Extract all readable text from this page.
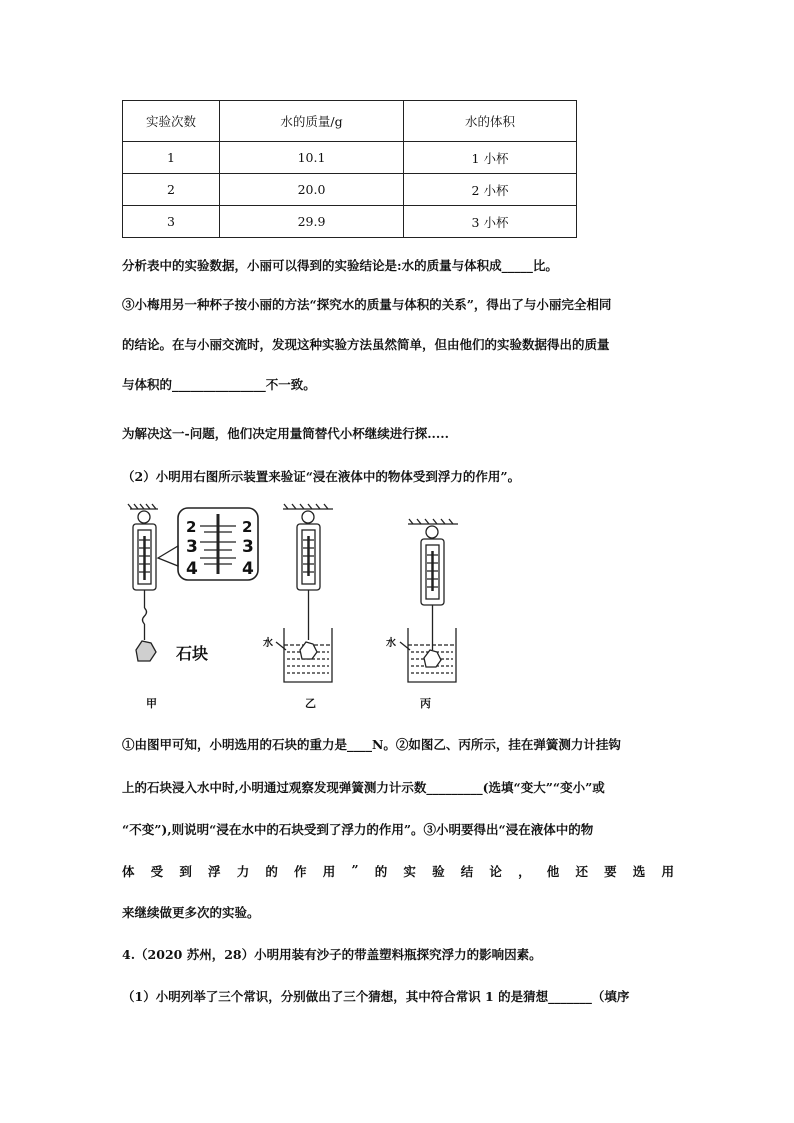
实验次数	水的质量/g	水的体积
1	10.1	1 小杯
2	20.0	2 小杯
3	29.9	3 小杯
分析表中的实验数据，小丽可以得到的实验结论是:水的质量与体积成_____比。
③小梅用另一种杯子按小丽的方法“探究水的质量与体积的关系”，得出了与小丽完全相同
的结论。在与小丽交流时，发现这种实验方法虽然简单，但由他们的实验数据得出的质量
与体积的_______________不一致。
为解决这一-问题，他们决定用量筒替代小杯继续进行探.....
（2）小明用右图所示装置来验证“浸在液体中的物体受到浮力的作用”。
石块
水	水
2	2
3	3
4	4
甲	乙	丙
①由图甲可知，小明选用的石块的重力是____N。②如图乙、丙所示，挂在弹簧测力计挂钩
上的石块浸入水中时,小明通过观察发现弹簧测力计示数_________(选填“变大”“变小”或
“不变”),则说明“浸在水中的石块受到了浮力的作用”。③小明要得出“浸在液体中的物
体 受 到 浮 力 的 作 用 ” 的 实 验 结 论 ， 他 还 要 选 用
来继续做更多次的实验。
4.（2020 苏州，28）小明用装有沙子的带盖塑料瓶探究浮力的影响因素。
（1）小明列举了三个常识，分别做出了三个猜想，其中符合常识 1 的是猜想_______（填序
